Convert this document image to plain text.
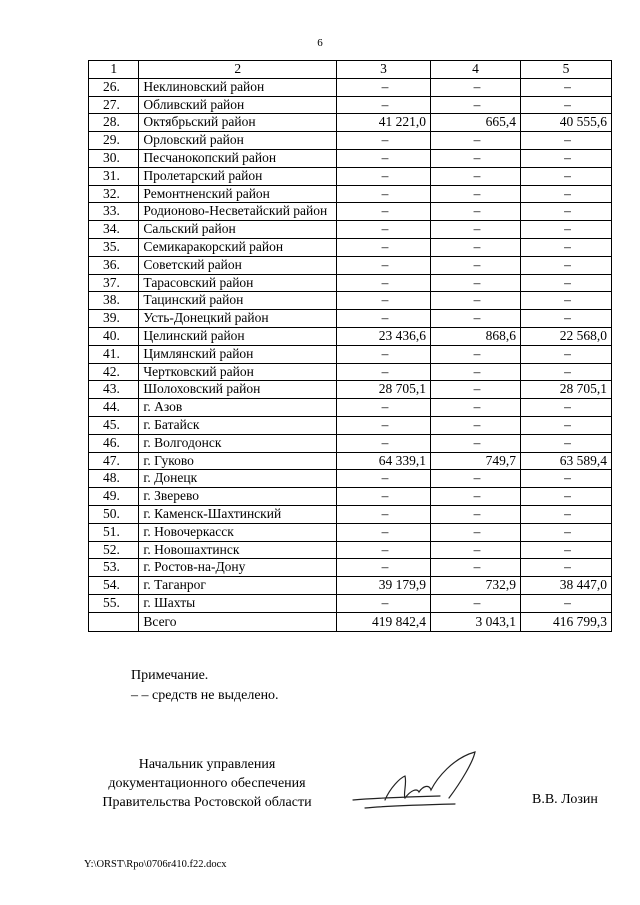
6
1	2	3	4	5
26.	Неклиновский район	–	–	–
27.	Обливский район	–	–	–
28.	Октябрьский район	41 221,0	665,4	40 555,6
29.	Орловский район	–	–	–
30.	Песчанокопский район	–	–	–
31.	Пролетарский район	–	–	–
32.	Ремонтненский район	–	–	–
33.	Родионово-Несветайский район	–	–	–
34.	Сальский район	–	–	–
35.	Семикаракорский район	–	–	–
36.	Советский район	–	–	–
37.	Тарасовский район	–	–	–
38.	Тацинский район	–	–	–
39.	Усть-Донецкий район	–	–	–
40.	Целинский район	23 436,6	868,6	22 568,0
41.	Цимлянский район	–	–	–
42.	Чертковский район	–	–	–
43.	Шолоховский район	28 705,1	–	28 705,1
44.	г. Азов	–	–	–
45.	г. Батайск	–	–	–
46.	г. Волгодонск	–	–	–
47.	г. Гуково	64 339,1	749,7	63 589,4
48.	г. Донецк	–	–	–
49.	г. Зверево	–	–	–
50.	г. Каменск-Шахтинский	–	–	–
51.	г. Новочеркасск	–	–	–
52.	г. Новошахтинск	–	–	–
53.	г. Ростов-на-Дону	–	–	–
54.	г. Таганрог	39 179,9	732,9	38 447,0
55.	г. Шахты	–	–	–
	Всего	419 842,4	3 043,1	416 799,3
Примечание.
– – средств не выделено.
Начальник управления
документационного обеспечения
Правительства Ростовской области	В.В. Лозин
Y:\ORST\Rpo\0706r410.f22.docx
